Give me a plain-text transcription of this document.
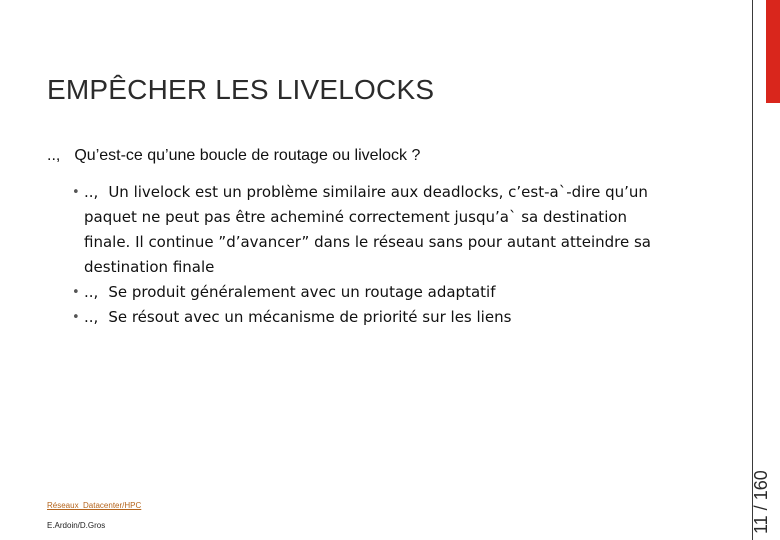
EMPÊCHER LES LIVELOCKS
.., Qu’est-ce qu’une boucle de routage ou livelock ?
• .., Un livelock est un problème similaire aux deadlocks, c’est-a`-dire qu’un paquet ne peut pas être acheminé correctement jusqu’a` sa destination finale. Il continue ”d’avancer” dans le réseau sans pour autant atteindre sa destination finale
• .., Se produit généralement avec un routage adaptatif
• .., Se résout avec un mécanisme de priorité sur les liens
11 / 160
Réseaux_Datacenter/HPC
E.Ardoin/D.Gros
